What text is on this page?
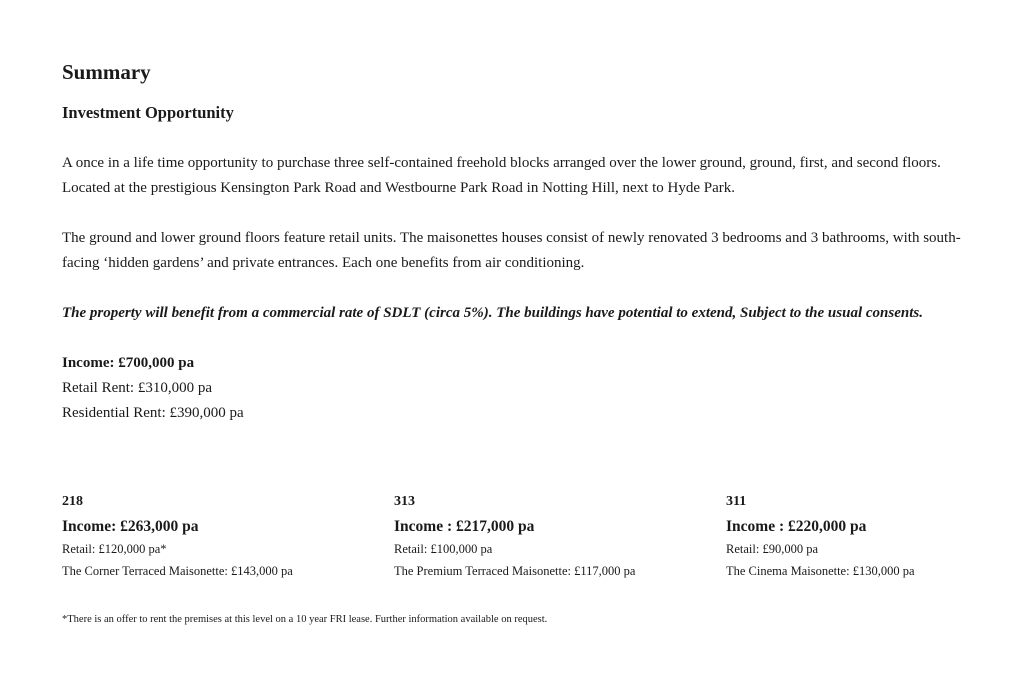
Summary
Investment Opportunity

A once in a life time opportunity to purchase three self-contained freehold blocks arranged over the lower ground, ground, first, and second floors. Located at the prestigious Kensington Park Road and Westbourne Park Road in Notting Hill, next to Hyde Park.

The ground and lower ground floors feature retail units. The maisonettes houses consist of newly renovated 3 bedrooms and 3 bathrooms, with south-facing ‘hidden gardens’ and private entrances. Each one benefits from air conditioning.

The property will benefit from a commercial rate of SDLT (circa 5%). The buildings have potential to extend, Subject to the usual consents.

Income: £700,000 pa
Retail Rent: £310,000 pa
Residential Rent: £390,000 pa
218
Income: £263,000 pa
Retail: £120,000 pa*
The Corner Terraced Maisonette: £143,000 pa
313
Income : £217,000 pa
Retail: £100,000 pa
The Premium Terraced Maisonette: £117,000 pa
311
Income : £220,000 pa
Retail: £90,000 pa
The Cinema Maisonette: £130,000 pa
*There is an offer to rent the premises at this level on a 10 year FRI lease. Further information available on request.
